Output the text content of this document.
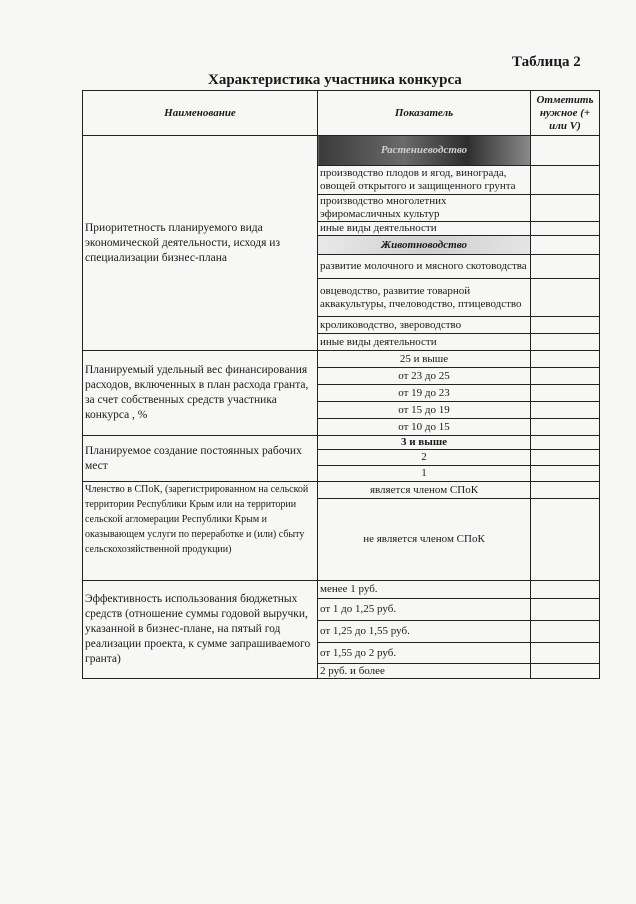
Таблица 2
Характеристика участника конкурса
Наименование	Показатель	Отметить нужное (+ или V)
Приоритетность планируемого вида экономической деятельности, исходя из специализации бизнес-плана	Растениеводство	
	производство плодов и ягод, винограда, овощей открытого и защищенного грунта	
	производство многолетних эфиромасличных культур	
	иные виды деятельности	
	Животноводство	
	развитие молочного и мясного скотоводства	
	овцеводство, развитие товарной аквакультуры, пчеловодство, птицеводство	
	кролиководство, звероводство	
	иные виды деятельности	
Планируемый удельный вес финансирования расходов, включенных в план расхода гранта, за счет собственных средств участника конкурса , %	25 и выше	
	от 23 до 25	
	от 19 до 23	
	от 15 до 19	
	от 10 до 15	
Планируемое создание постоянных рабочих мест	3 и выше	
	2	
	1	
Членство в СПоК, (зарегистрированном на сельской территории Республики Крым или на территории сельской агломерации Республики Крым и оказывающем услуги по переработке и (или) сбыту сельскохозяйственной продукции)	является членом СПоК	
	не является членом СПоК	
Эффективность использования бюджетных средств (отношение суммы годовой выручки, указанной в бизнес-плане, на пятый год реализации проекта, к сумме запрашиваемого гранта)	менее 1 руб.	
	от 1 до 1,25 руб.	
	от 1,25 до 1,55 руб.	
	от 1,55 до 2 руб.	
	2 руб. и более	
